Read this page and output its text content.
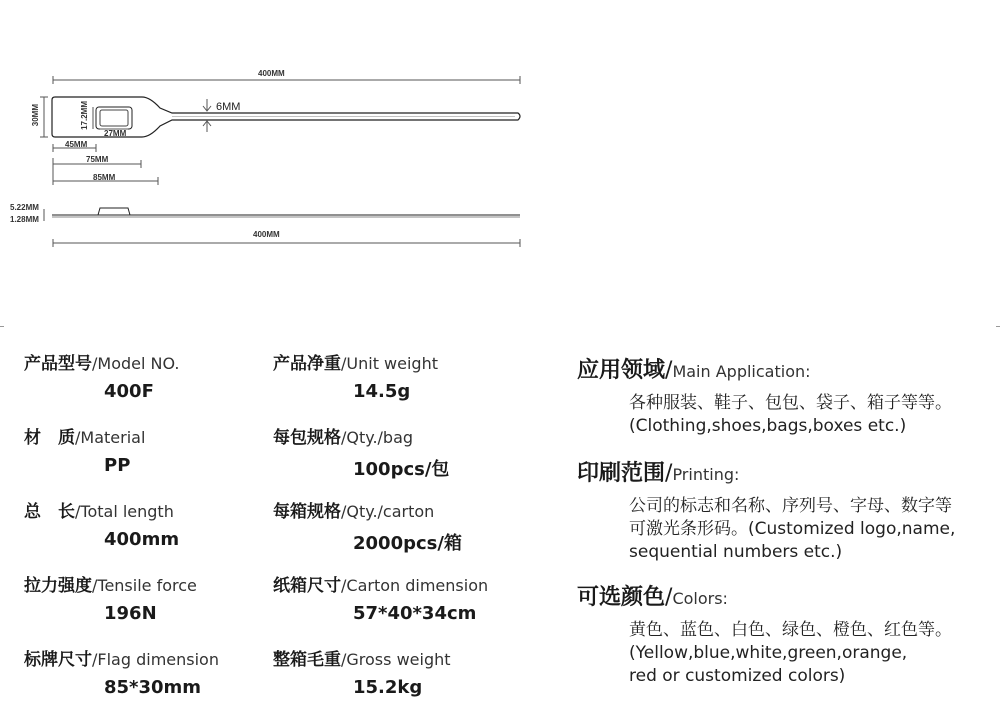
400MM
6MM
30MM	17.2MM
27MM
45MM
75MM
85MM
5.22MM
1.28MM
400MM
产品型号/Model NO.
400F
材　质/Material
PP
总　长/Total length
400mm
拉力强度/Tensile force
196N
标牌尺寸/Flag dimension
85*30mm
产品净重/Unit weight
14.5g
每包规格/Qty./bag
100pcs/包
每箱规格/Qty./carton
2000pcs/箱
纸箱尺寸/Carton dimension
57*40*34cm
整箱毛重/Gross weight
15.2kg
应用领域/Main Application:
各种服装、鞋子、包包、袋子、箱子等等。
(Clothing,shoes,bags,boxes etc.)
印刷范围/Printing:
公司的标志和名称、序列号、字母、数字等
可激光条形码。(Customized logo,name,
sequential numbers etc.)
可选颜色/Colors:
黄色、蓝色、白色、绿色、橙色、红色等。
(Yellow,blue,white,green,orange,
red or customized colors)
